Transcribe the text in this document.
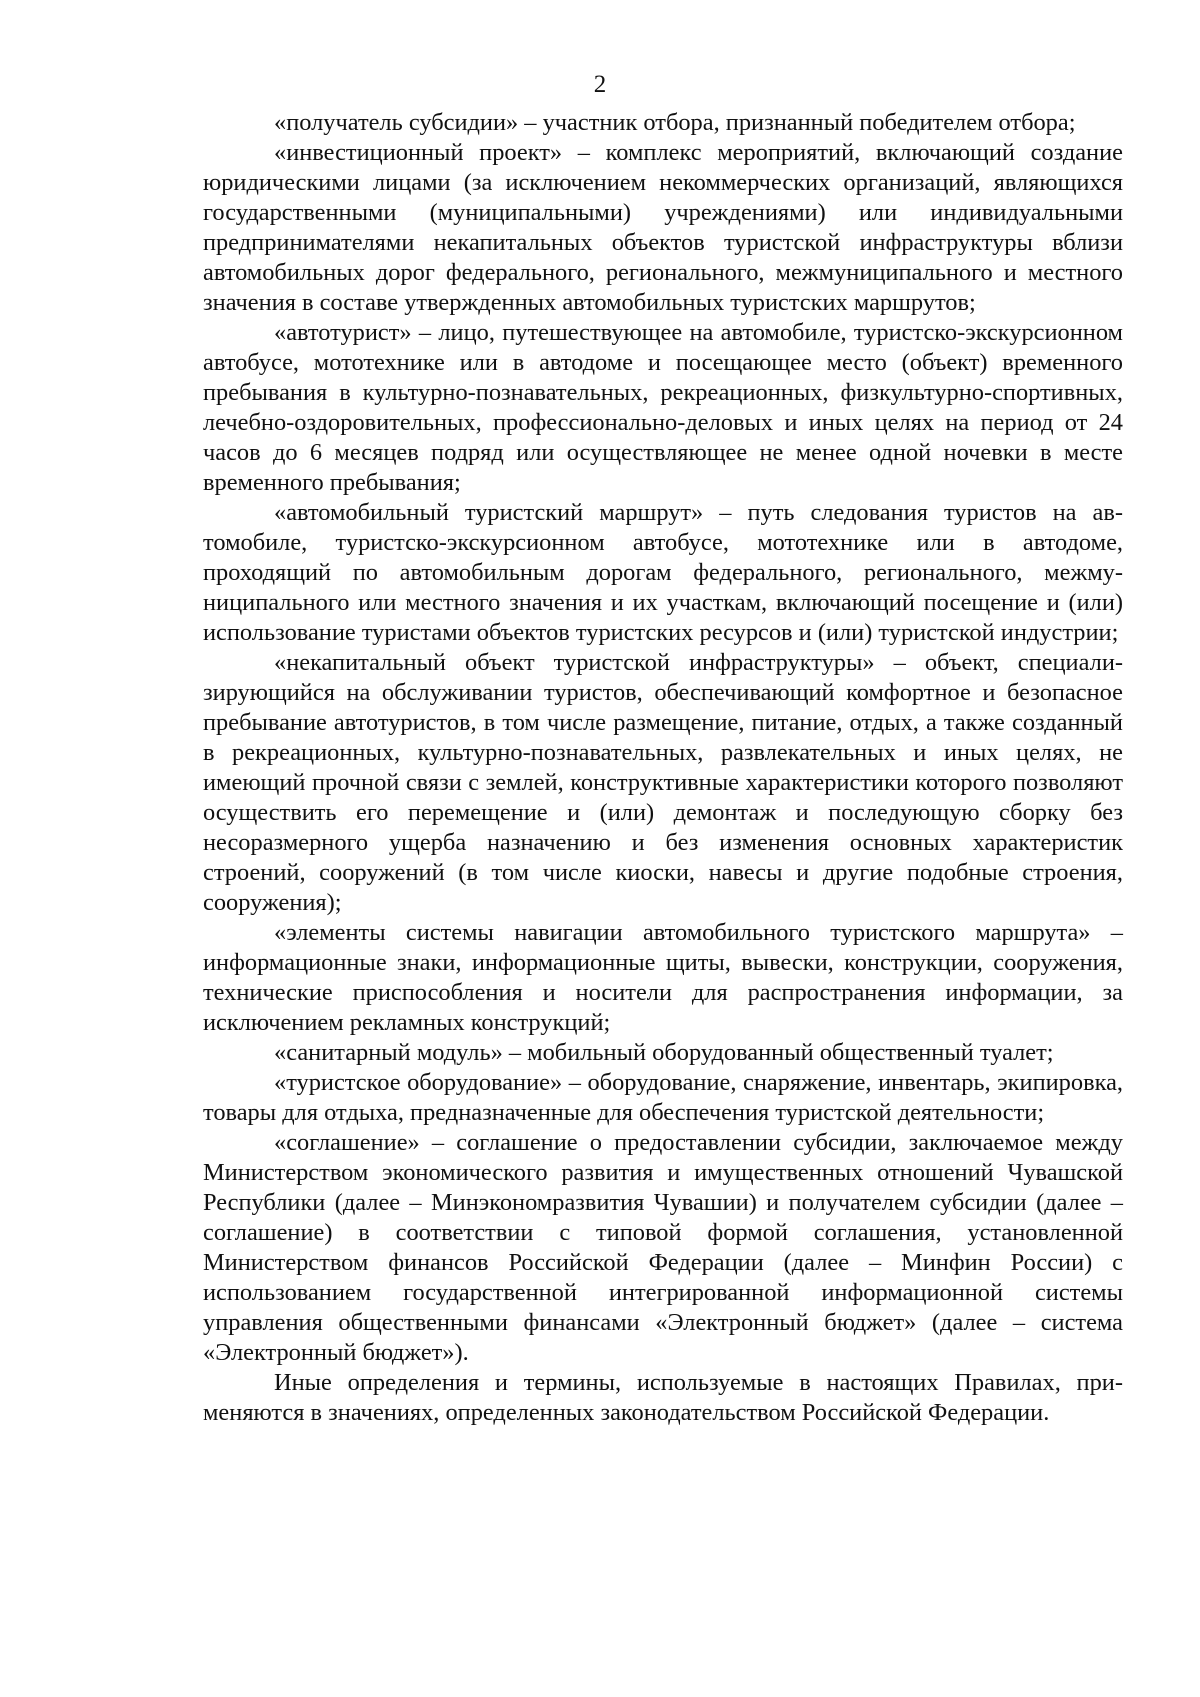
2

«получатель субсидии» – участник отбора, признанный победителем отбора;

«инвестиционный проект» – комплекс мероприятий, включающий создание юридическими лицами (за исключением некоммерческих организаций, являющихся государственными (муниципальными) учреждениями) или индивидуальными предпринимателями некапитальных объектов туристской инфраструктуры вблизи автомобильных дорог федерального, регионального, межмуниципального и местного значения в составе утвержденных автомобильных туристских маршрутов;

«автотурист» – лицо, путешествующее на автомобиле, туристско-экскурсионном автобусе, мототехнике или в автодоме и посещающее место (объект) временного пребывания в культурно-познавательных, рекреационных, физкультурно-спортивных, лечебно-оздоровительных, профессионально-деловых и иных целях на период от 24 часов до 6 месяцев подряд или осуществляющее не менее одной ночевки в месте временного пребывания;

«автомобильный туристский маршрут» – путь следования туристов на автомобиле, туристско-экскурсионном автобусе, мототехнике или в автодоме, проходящий по автомобильным дорогам федерального, регионального, межмуниципального или местного значения и их участкам, включающий посещение и (или) использование туристами объектов туристских ресурсов и (или) туристской индустрии;

«некапитальный объект туристской инфраструктуры» – объект, специализирующийся на обслуживании туристов, обеспечивающий комфортное и безопасное пребывание автотуристов, в том числе размещение, питание, отдых, а также созданный в рекреационных, культурно-познавательных, развлекательных и иных целях, не имеющий прочной связи с землей, конструктивные характеристики которого позволяют осуществить его перемещение и (или) демонтаж и последующую сборку без несоразмерного ущерба назначению и без изменения основных характеристик строений, сооружений (в том числе киоски, навесы и другие подобные строения, сооружения);

«элементы системы навигации автомобильного туристского маршрута» – информационные знаки, информационные щиты, вывески, конструкции, сооружения, технические приспособления и носители для распространения информации, за исключением рекламных конструкций;

«санитарный модуль» – мобильный оборудованный общественный туалет;

«туристское оборудование» – оборудование, снаряжение, инвентарь, экипировка, товары для отдыха, предназначенные для обеспечения туристской деятельности;

«соглашение» – соглашение о предоставлении субсидии, заключаемое между Министерством экономического развития и имущественных отношений Чувашской Республики (далее – Минэкономразвития Чувашии) и получателем субсидии (далее – соглашение) в соответствии с типовой формой соглашения, установленной Министерством финансов Российской Федерации (далее – Минфин России) с использованием государственной интегрированной информационной системы управления общественными финансами «Электронный бюджет» (далее – система «Электронный бюджет»).

Иные определения и термины, используемые в настоящих Правилах, применяются в значениях, определенных законодательством Российской Федерации.
